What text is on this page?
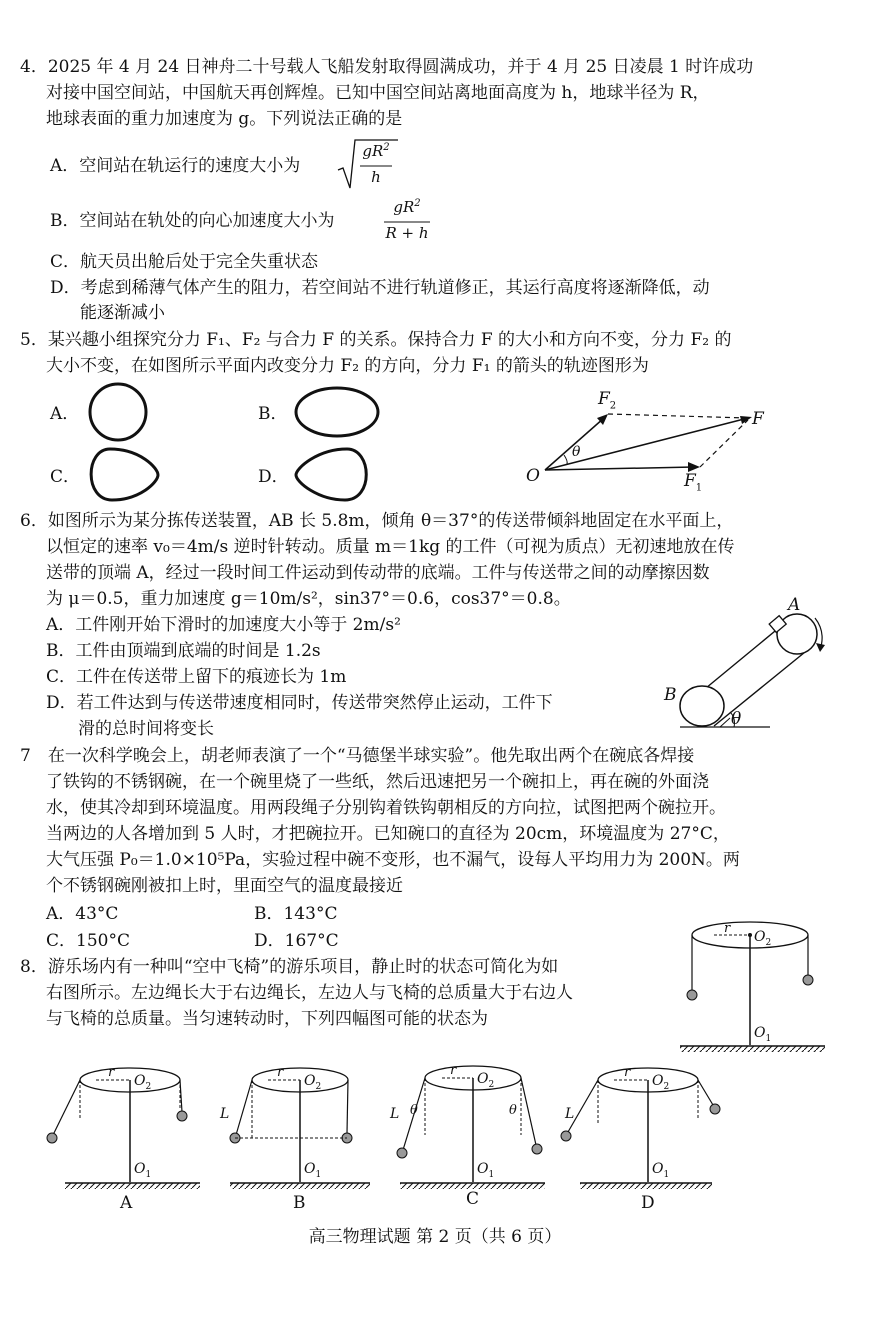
4．2025 年 4 月 24 日神舟二十号载人飞船发射取得圆满成功，并于 4 月 25 日凌晨 1 时许成功
对接中国空间站，中国航天再创辉煌。已知中国空间站离地面高度为 h，地球半径为 R，
地球表面的重力加速度为 g。下列说法正确的是
A．空间站在轨运行的速度大小为
$gR^2$
h
B．空间站在轨处的向心加速度大小为
$gR^2$
R + h
C．航天员出舱后处于完全失重状态
D．考虑到稀薄气体产生的阻力，若空间站不进行轨道修正，其运行高度将逐渐降低，动
能逐渐减小
5．某兴趣小组探究分力 F₁、F₂ 与合力 F 的关系。保持合力 F 的大小和方向不变，分力 F₂ 的
大小不变，在如图所示平面内改变分力 F₂ 的方向，分力 F₁ 的箭头的轨迹图形为
A．	B．
C．	D．
$F_2$
F
O
θ
$F_1$
6．如图所示为某分拣传送装置，AB 长 5.8m，倾角 θ＝37°的传送带倾斜地固定在水平面上，
以恒定的速率 v₀＝4m/s 逆时针转动。质量 m＝1kg 的工件（可视为质点）无初速地放在传
送带的顶端 A，经过一段时间工件运动到传动带的底端。工件与传送带之间的动摩擦因数
为 μ＝0.5，重力加速度 g＝10m/s²，sin37°＝0.6，cos37°＝0.8。
A．工件刚开始下滑时的加速度大小等于 2m/s²
B．工件由顶端到底端的时间是 1.2s
C．工件在传送带上留下的痕迹长为 1m
D．若工件达到与传送带速度相同时，传送带突然停止运动，工件下
滑的总时间将变长
A
B
θ
7　在一次科学晚会上，胡老师表演了一个“马德堡半球实验”。他先取出两个在碗底各焊接
了铁钩的不锈钢碗，在一个碗里烧了一些纸，然后迅速把另一个碗扣上，再在碗的外面浇
水，使其冷却到环境温度。用两段绳子分别钩着铁钩朝相反的方向拉，试图把两个碗拉开。
当两边的人各增加到 5 人时，才把碗拉开。已知碗口的直径为 20cm，环境温度为 27°C，
大气压强 P₀＝1.0×10⁵Pa，实验过程中碗不变形，也不漏气，设每人平均用力为 200N。两
个不锈钢碗刚被扣上时，里面空气的温度最接近
A．43°C	B．143°C
C．150°C	D．167°C
8．游乐场内有一种叫“空中飞椅”的游乐项目，静止时的状态可简化为如
右图所示。左边绳长大于右边绳长，左边人与飞椅的总质量大于右边人
与飞椅的总质量。当匀速转动时，下列四幅图可能的状态为
r
$O_2$
$O_1$
r
$O_2$
$O_1$
r
$O_2$
$O_1$
L
r
$O_2$
$O_1$
L θ	θ
r
$O_2$
$O_1$
L
A	B	C	D
高三物理试题 第 2 页（共 6 页）
